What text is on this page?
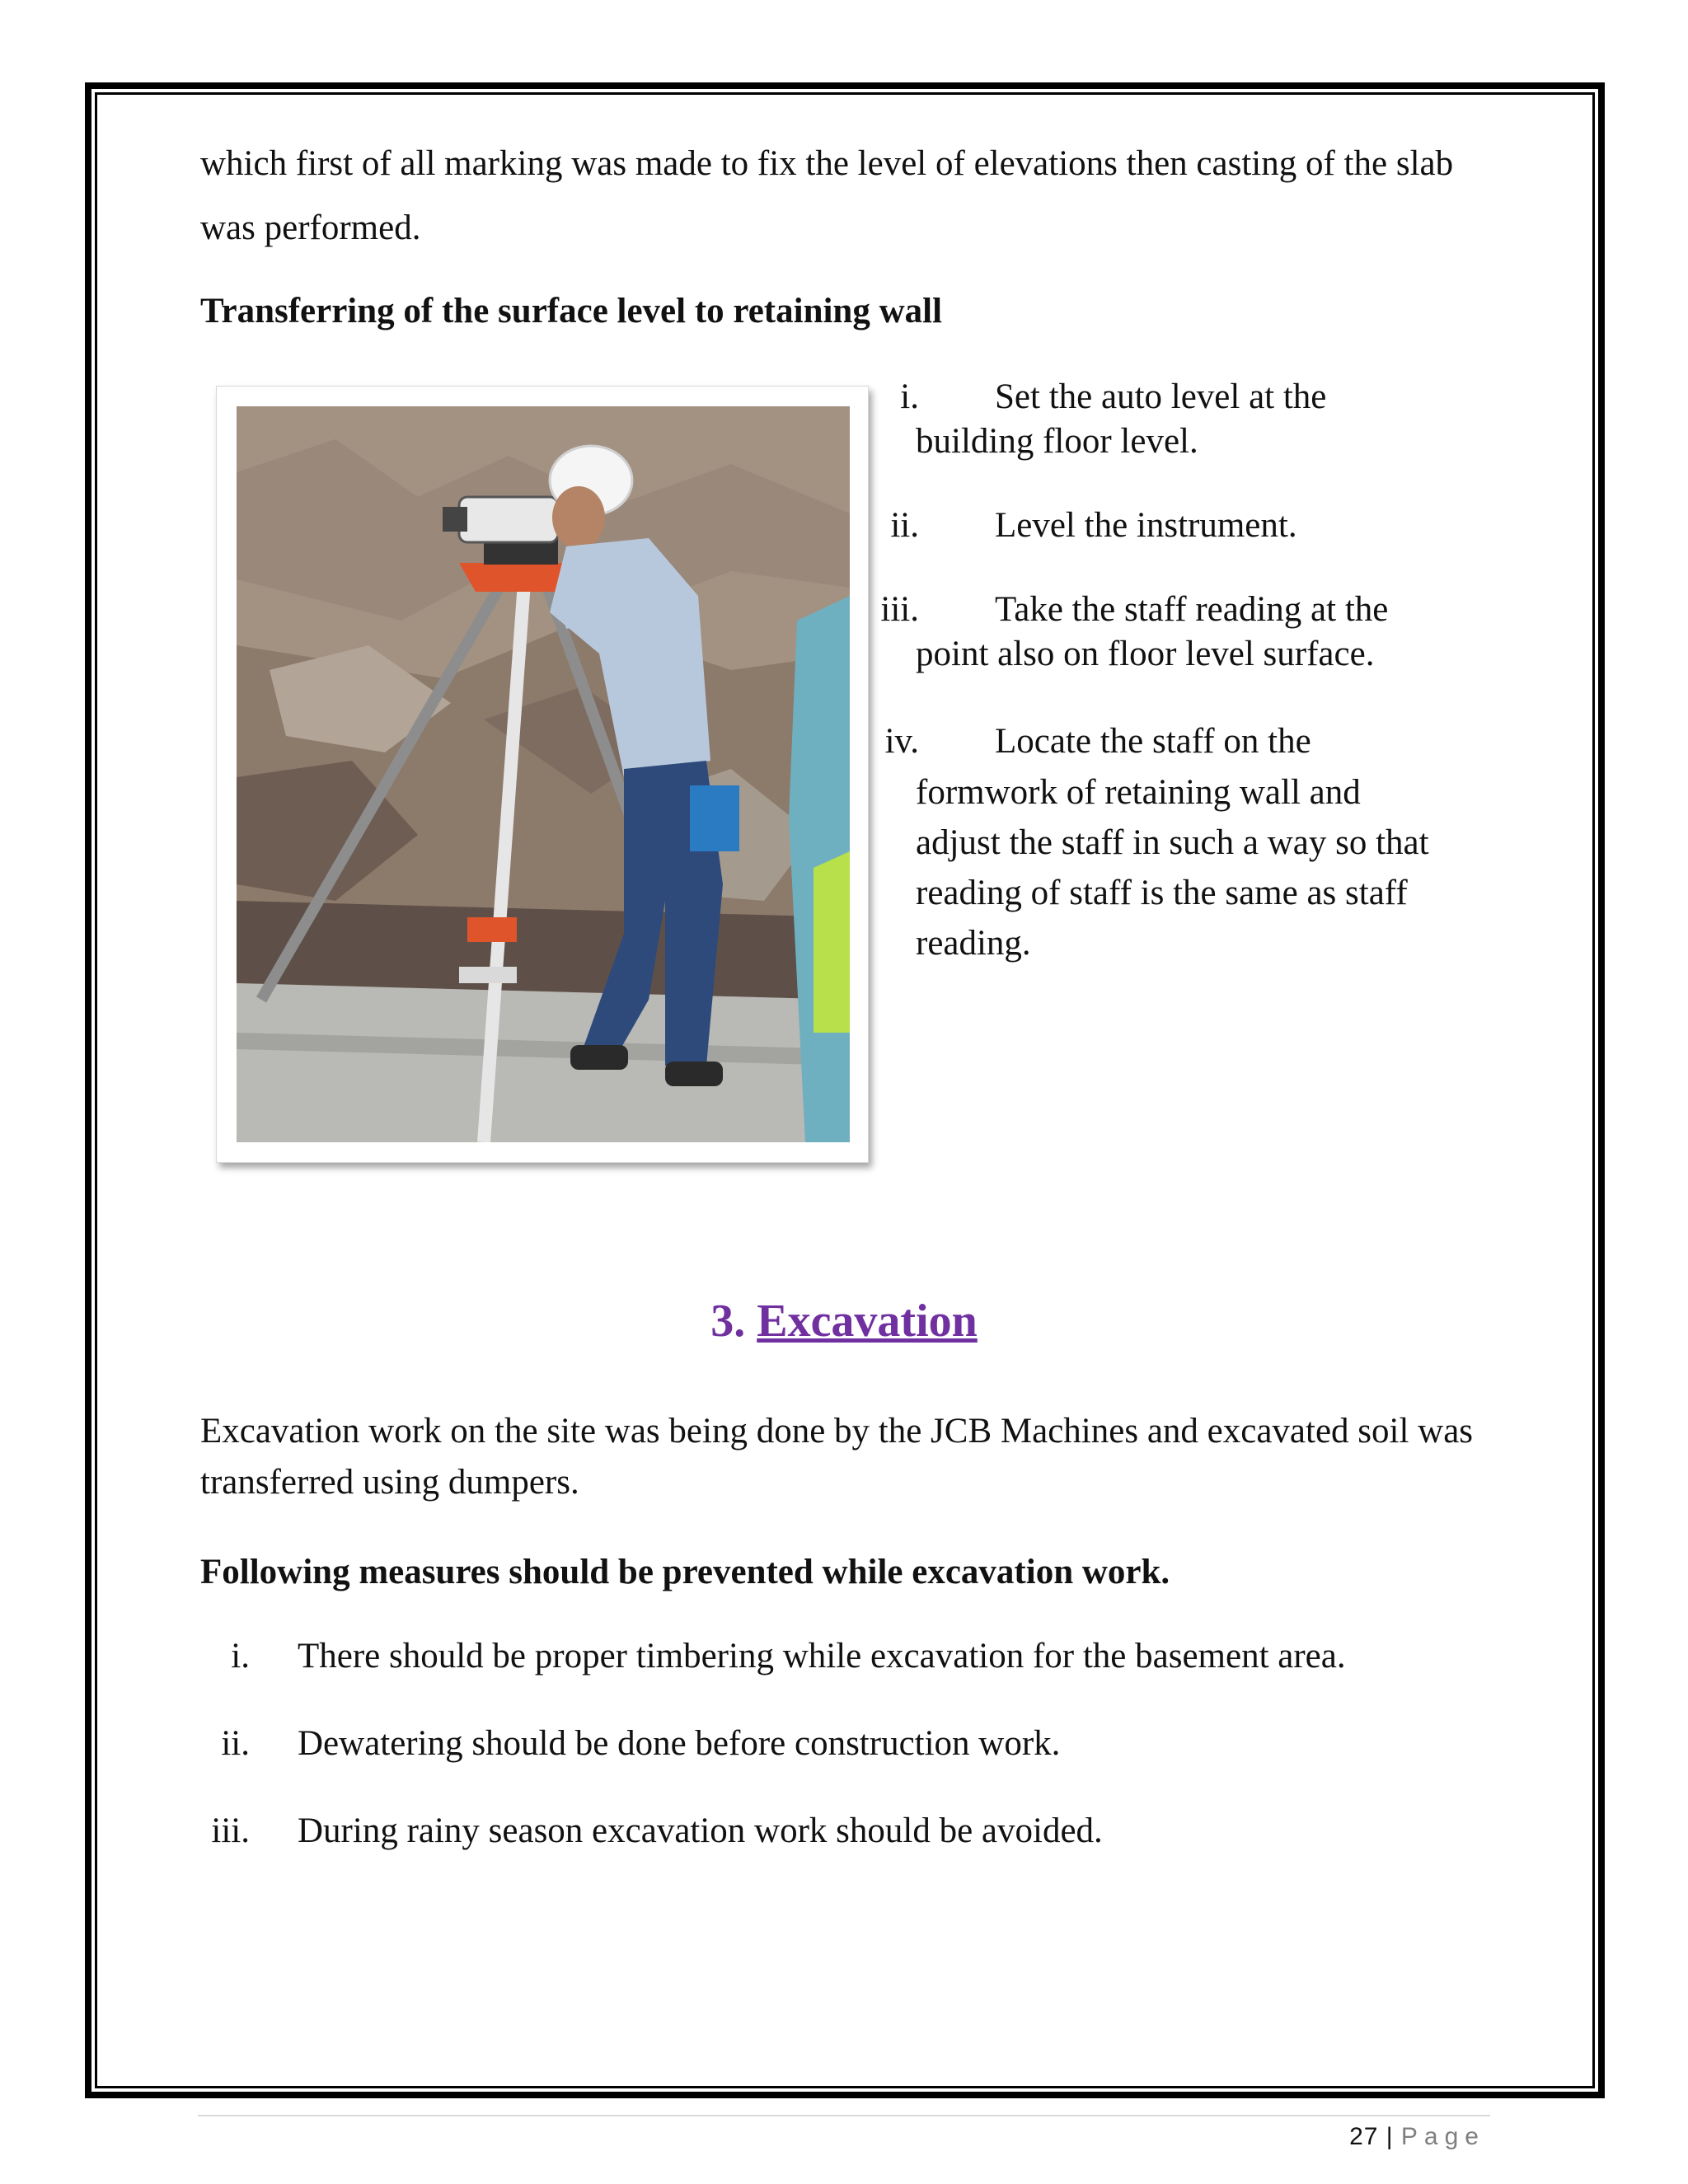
which first of all marking was made to fix the level of elevations then casting of the slab was performed.

Transferring of the surface level to retaining wall

i. Set the auto level at the
building floor level.
ii. Level the instrument.
iii. Take the staff reading at the
point also on floor level surface.
iv. Locate the staff on the
formwork of retaining wall and
adjust the staff in such a way so that
reading of staff is the same as staff
reading.
3. Excavation

Excavation work on the site was being done by the JCB Machines and excavated soil was transferred using dumpers.

Following measures should be prevented while excavation work.

i. There should be proper timbering while excavation for the basement area.
ii. Dewatering should be done before construction work.
iii. During rainy season excavation work should be avoided.
27 | Page
